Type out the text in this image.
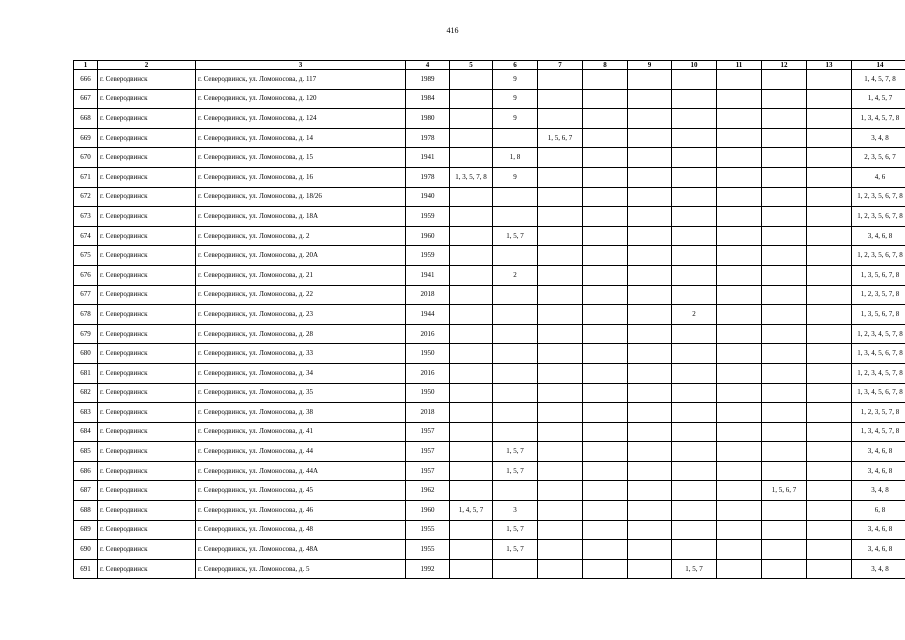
416
1	2	3	4	5	6	7	8	9	10	11	12	13	14
666	г. Северодвинск	г. Северодвинск, ул. Ломоносова, д. 117	1989		9								1, 4, 5, 7, 8
667	г. Северодвинск	г. Северодвинск, ул. Ломоносова, д. 120	1984		9								1, 4, 5, 7
668	г. Северодвинск	г. Северодвинск, ул. Ломоносова, д. 124	1980		9								1, 3, 4, 5, 7, 8
669	г. Северодвинск	г. Северодвинск, ул. Ломоносова, д. 14	1978			1, 5, 6, 7							3, 4, 8
670	г. Северодвинск	г. Северодвинск, ул. Ломоносова, д. 15	1941		1, 8								2, 3, 5, 6, 7
671	г. Северодвинск	г. Северодвинск, ул. Ломоносова, д. 16	1978	1, 3, 5, 7, 8	9								4, 6
672	г. Северодвинск	г. Северодвинск, ул. Ломоносова, д. 18/26	1940										1, 2, 3, 5, 6, 7, 8
673	г. Северодвинск	г. Северодвинск, ул. Ломоносова, д. 18А	1959										1, 2, 3, 5, 6, 7, 8
674	г. Северодвинск	г. Северодвинск, ул. Ломоносова, д. 2	1960		1, 5, 7								3, 4, 6, 8
675	г. Северодвинск	г. Северодвинск, ул. Ломоносова, д. 20А	1959										1, 2, 3, 5, 6, 7, 8
676	г. Северодвинск	г. Северодвинск, ул. Ломоносова, д. 21	1941		2								1, 3, 5, 6, 7, 8
677	г. Северодвинск	г. Северодвинск, ул. Ломоносова, д. 22	2018										1, 2, 3, 5, 7, 8
678	г. Северодвинск	г. Северодвинск, ул. Ломоносова, д. 23	1944						2				1, 3, 5, 6, 7, 8
679	г. Северодвинск	г. Северодвинск, ул. Ломоносова, д. 28	2016										1, 2, 3, 4, 5, 7, 8
680	г. Северодвинск	г. Северодвинск, ул. Ломоносова, д. 33	1950										1, 3, 4, 5, 6, 7, 8
681	г. Северодвинск	г. Северодвинск, ул. Ломоносова, д. 34	2016										1, 2, 3, 4, 5, 7, 8
682	г. Северодвинск	г. Северодвинск, ул. Ломоносова, д. 35	1950										1, 3, 4, 5, 6, 7, 8
683	г. Северодвинск	г. Северодвинск, ул. Ломоносова, д. 38	2018										1, 2, 3, 5, 7, 8
684	г. Северодвинск	г. Северодвинск, ул. Ломоносова, д. 41	1957										1, 3, 4, 5, 7, 8
685	г. Северодвинск	г. Северодвинск, ул. Ломоносова, д. 44	1957		1, 5, 7								3, 4, 6, 8
686	г. Северодвинск	г. Северодвинск, ул. Ломоносова, д. 44А	1957		1, 5, 7								3, 4, 6, 8
687	г. Северодвинск	г. Северодвинск, ул. Ломоносова, д. 45	1962								1, 5, 6, 7		3, 4, 8
688	г. Северодвинск	г. Северодвинск, ул. Ломоносова, д. 46	1960	1, 4, 5, 7	3								6, 8
689	г. Северодвинск	г. Северодвинск, ул. Ломоносова, д. 48	1955		1, 5, 7								3, 4, 6, 8
690	г. Северодвинск	г. Северодвинск, ул. Ломоносова, д. 48А	1955		1, 5, 7								3, 4, 6, 8
691	г. Северодвинск	г. Северодвинск, ул. Ломоносова, д. 5	1992						1, 5, 7				3, 4, 8
